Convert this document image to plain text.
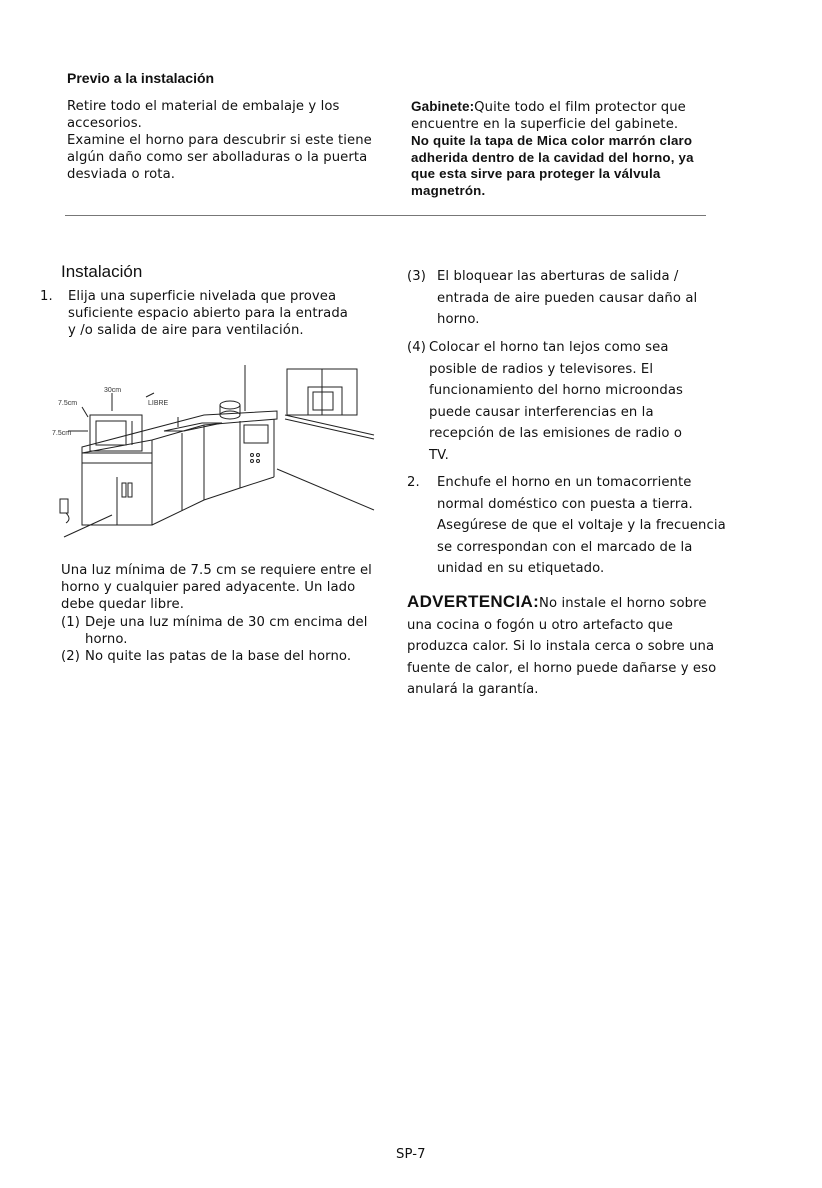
Previo a la instalación

Retire todo el material de embalaje y los

accesorios.

Examine el horno para descubrir si este tiene

algún daño como ser abolladuras o la puerta

desviada o rota.

Gabinete:Quite todo el film protector que

encuentre en la superficie del gabinete.

No quite la tapa de Mica color marrón claro
adherida dentro de la cavidad del horno, ya
que esta sirve para proteger la válvula
magnetrón.
Instalación
1. Elija una superficie nivelada que provea

suficiente espacio abierto para la entrada

y /o salida de aire para ventilación.

30cm
7.5cm
7.5cm
LIBRE

Una luz mínima de 7.5 cm se requiere entre el

horno y cualquier pared adyacente. Un lado

debe quedar libre.

(1) Deje una luz mínima de 30 cm encima del

horno.

(2) No quite las patas de la base del horno.

(3) El bloquear las aberturas de salida /

entrada de aire pueden causar daño al

horno.

(4) Colocar el horno tan lejos como sea

posible de radios y televisores. El

funcionamiento del horno microondas

puede causar interferencias en la

recepción de las emisiones de radio o

TV.

2. Enchufe el horno en un tomacorriente

normal doméstico con puesta a tierra.

Asegúrese de que el voltaje y la frecuencia

se correspondan con el marcado de la

unidad en su etiquetado.

ADVERTENCIA:No instale el horno sobre

una cocina o fogón u otro artefacto que

produzca calor. Si lo instala cerca o sobre una

fuente de calor, el horno puede dañarse y eso

anulará la garantía.

SP-7
